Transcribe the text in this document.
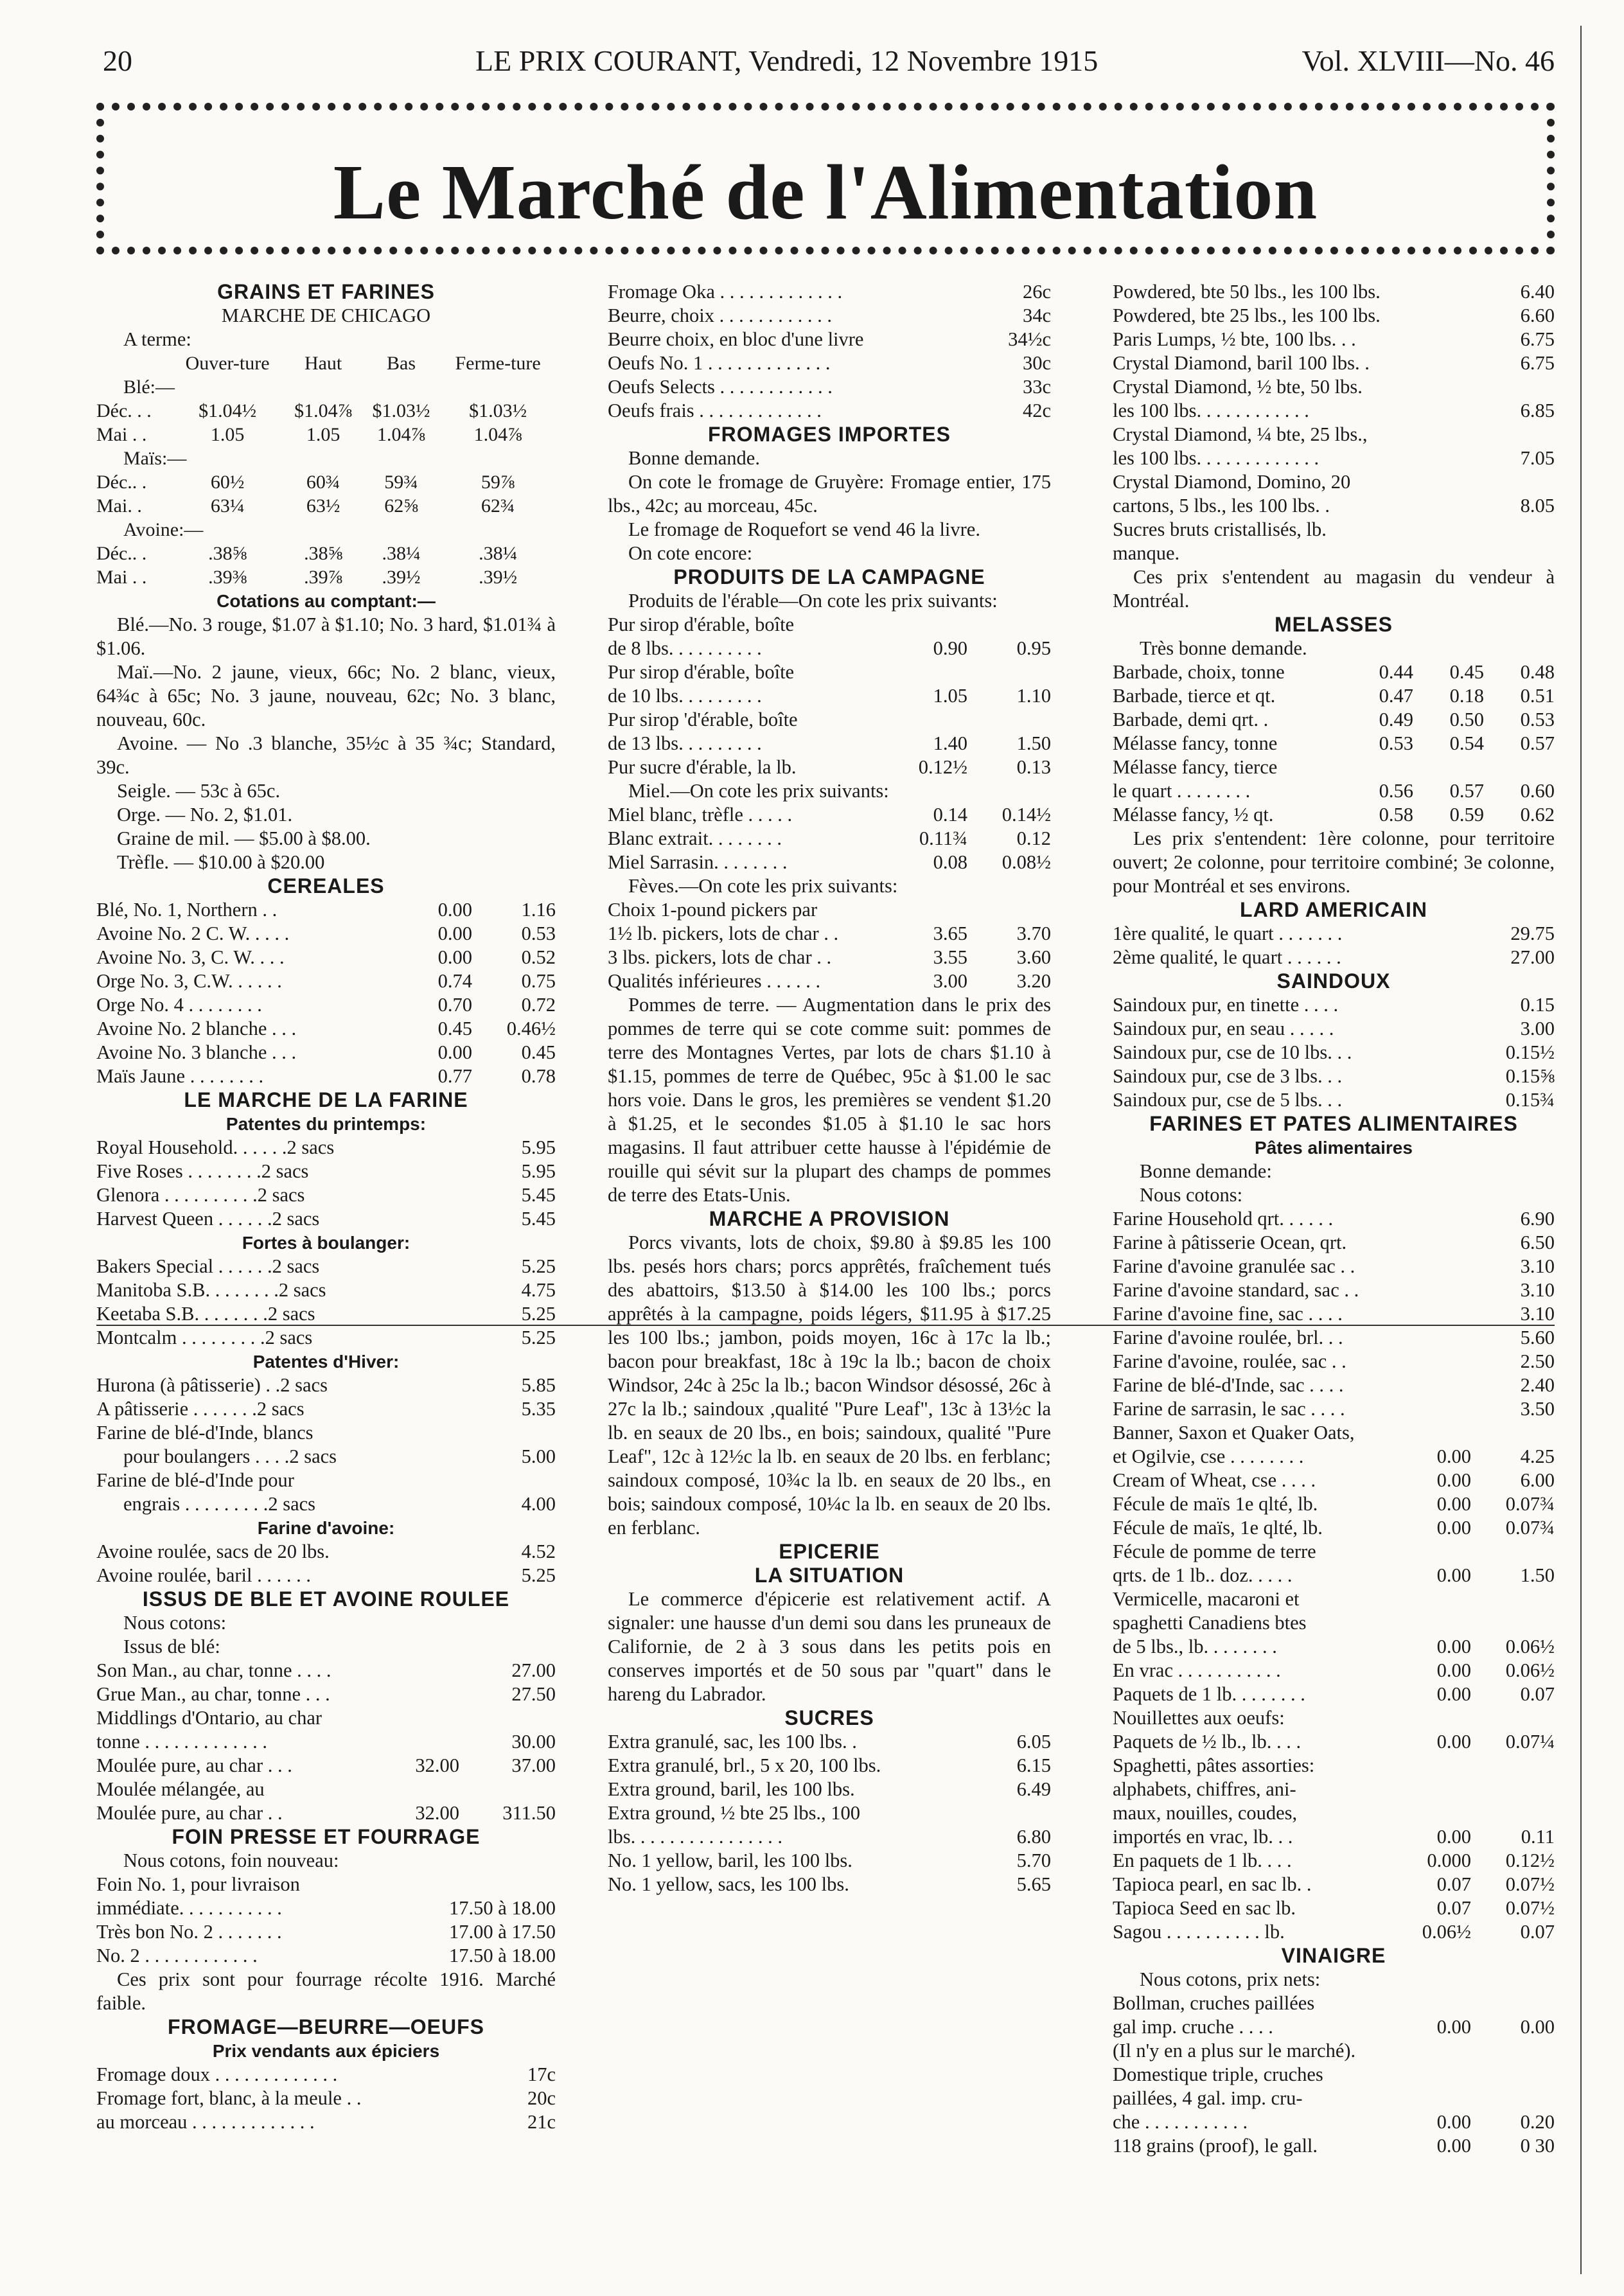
20	LE PRIX COURANT, Vendredi, 12 Novembre 1915	Vol. XLVIII—No. 46
Le Marché de l'Alimentation
GRAINS ET FARINES
MARCHE DE CHICAGO
A terme:
	Ouver-ture	Haut	Bas	Ferme-ture
Blé:—				
Déc. . .	$1.04½	$1.04⅞	$1.03½	$1.03½
Mai . .	1.05	1.05	1.04⅞	1.04⅞
Maïs:—				
Déc.. .	60½	60¾	59¾	59⅞
Mai. .	63¼	63½	62⅝	62¾
Avoine:—				
Déc.. .	.38⅝	.38⅝	.38¼	.38¼
Mai . .	.39⅜	.39⅞	.39½	.39½
Cotations au comptant:—

Blé.—No. 3 rouge, $1.07 à $1.10; No. 3 hard, $1.01¾ à $1.06.

Maï.—No. 2 jaune, vieux, 66c; No. 2 blanc, vieux, 64¾c à 65c; No. 3 jaune, nouveau, 62c; No. 3 blanc, nouveau, 60c.

Avoine. — No .3 blanche, 35½c à 35 ¾c; Standard, 39c.

Seigle. — 53c à 65c.

Orge. — No. 2, $1.01.

Graine de mil. — $5.00 à $8.00.

Trèfle. — $10.00 à $20.00

CEREALES
Blé, No. 1, Northern . .	0.00	1.16
Avoine No. 2 C. W. . . . .	0.00	0.53
Avoine No. 3, C. W. . . .	0.00	0.52
Orge No. 3, C.W. . . . . .	0.74	0.75
Orge No. 4 . . . . . . . .	0.70	0.72
Avoine No. 2 blanche . . .	0.45	0.46½
Avoine No. 3 blanche . . .	0.00	0.45
Maïs Jaune . . . . . . . .	0.77	0.78
LE MARCHE DE LA FARINE
Patentes du printemps:
Royal Household. . . . . .2 sacs	5.95
Five Roses . . . . . . . .2 sacs	5.95
Glenora . . . . . . . . . .2 sacs	5.45
Harvest Queen . . . . . .2 sacs	5.45
Fortes à boulanger:
Bakers Special . . . . . .2 sacs	5.25
Manitoba S.B. . . . . . . .2 sacs	4.75
Keetaba S.B. . . . . . . .2 sacs	5.25
Montcalm . . . . . . . . .2 sacs	5.25
Patentes d'Hiver:
Hurona (à pâtisserie) . .2 sacs	5.85
A pâtisserie . . . . . . .2 sacs	5.35
Farine de blé-d'Inde, blancs
pour boulangers . . . .2 sacs	5.00
Farine de blé-d'Inde pour
engrais . . . . . . . . .2 sacs	4.00
Farine d'avoine:
Avoine roulée, sacs de 20 lbs.	4.52
Avoine roulée, baril . . . . . .	5.25
ISSUS DE BLE ET AVOINE ROULEE
Nous cotons:
Issus de blé:
Son Man., au char, tonne . . . .	27.00
Grue Man., au char, tonne . . .	27.50
Middlings d'Ontario, au char
tonne . . . . . . . . . . . . .	30.00
Moulée pure, au char . . .	32.00	37.00
Moulée mélangée, au
Moulée pure, au char . .	32.00	311.50
FOIN PRESSE ET FOURRAGE
Nous cotons, foin nouveau:
Foin No. 1, pour livraison
immédiate. . . . . . . . . . .	17.50 à 18.00
Très bon No. 2 . . . . . . .	17.00 à 17.50
No. 2 . . . . . . . . . . . .	17.50 à 18.00

Ces prix sont pour fourrage récolte 1916. Marché faible.

FROMAGE—BEURRE—OEUFS
Prix vendants aux épiciers
Fromage doux . . . . . . . . . . . . .	17c
Fromage fort, blanc, à la meule . .	20c
au morceau . . . . . . . . . . . . .	21c
Fromage Oka . . . . . . . . . . . . .	26c
Beurre, choix . . . . . . . . . . . .	34c
Beurre choix, en bloc d'une livre	34½c
Oeufs No. 1 . . . . . . . . . . . . .	30c
Oeufs Selects . . . . . . . . . . . .	33c
Oeufs frais . . . . . . . . . . . . .	42c
FROMAGES IMPORTES

Bonne demande.

On cote le fromage de Gruyère: Fromage entier, 175 lbs., 42c; au morceau, 45c.

Le fromage de Roquefort se vend 46 la livre.

On cote encore:

PRODUITS DE LA CAMPAGNE

Produits de l'érable—On cote les prix suivants:

Pur sirop d'érable, boîte
de 8 lbs. . . . . . . . . .	0.90	0.95
Pur sirop d'érable, boîte
de 10 lbs. . . . . . . . .	1.05	1.10
Pur sirop 'd'érable, boîte
de 13 lbs. . . . . . . . .	1.40	1.50
Pur sucre d'érable, la lb.	0.12½	0.13

Miel.—On cote les prix suivants:

Miel blanc, trèfle . . . . .	0.14	0.14½
Blanc extrait. . . . . . . .	0.11¾	0.12
Miel Sarrasin. . . . . . . .	0.08	0.08½

Fèves.—On cote les prix suivants:

Choix 1-pound pickers par
1½ lb. pickers, lots de char . .	3.65	3.70
3 lbs. pickers, lots de char . .	3.55	3.60
Qualités inférieures . . . . . .	3.00	3.20

Pommes de terre. — Augmentation dans le prix des pommes de terre qui se cote comme suit: pommes de terre des Montagnes Vertes, par lots de chars $1.10 à $1.15, pommes de terre de Québec, 95c à $1.00 le sac hors voie. Dans le gros, les premières se vendent $1.20 à $1.25, et le secondes $1.05 à $1.10 le sac hors magasins. Il faut attribuer cette hausse à l'épidémie de rouille qui sévit sur la plupart des champs de pommes de terre des Etats-Unis.

MARCHE A PROVISION

Porcs vivants, lots de choix, $9.80 à $9.85 les 100 lbs. pesés hors chars; porcs apprêtés, fraîchement tués des abattoirs, $13.50 à $14.00 les 100 lbs.; porcs apprêtés à la campagne, poids légers, $11.95 à $17.25 les 100 lbs.; jambon, poids moyen, 16c à 17c la lb.; bacon pour breakfast, 18c à 19c la lb.; bacon de choix Windsor, 24c à 25c la lb.; bacon Windsor désossé, 26c à 27c la lb.; saindoux ,qualité "Pure Leaf", 13c à 13½c la lb. en seaux de 20 lbs., en bois; saindoux, qualité "Pure Leaf", 12c à 12½c la lb. en seaux de 20 lbs. en ferblanc; saindoux composé, 10¾c la lb. en seaux de 20 lbs., en bois; saindoux composé, 10¼c la lb. en seaux de 20 lbs. en ferblanc.

EPICERIE
LA SITUATION

Le commerce d'épicerie est relativement actif. A signaler: une hausse d'un demi sou dans les pruneaux de Californie, de 2 à 3 sous dans les petits pois en conserves importés et de 50 sous par "quart" dans le hareng du Labrador.

SUCRES
Extra granulé, sac, les 100 lbs. .	6.05
Extra granulé, brl., 5 x 20, 100 lbs.	6.15
Extra ground, baril, les 100 lbs.	6.49
Extra ground, ½ bte 25 lbs., 100
lbs. . . . . . . . . . . . . . . .	6.80
No. 1 yellow, baril, les 100 lbs.	5.70
No. 1 yellow, sacs, les 100 lbs.	5.65
Powdered, bte 50 lbs., les 100 lbs.	6.40
Powdered, bte 25 lbs., les 100 lbs.	6.60
Paris Lumps, ½ bte, 100 lbs. . .	6.75
Crystal Diamond, baril 100 lbs. .	6.75
Crystal Diamond, ½ bte, 50 lbs.
les 100 lbs. . . . . . . . . . . .	6.85
Crystal Diamond, ¼ bte, 25 lbs.,
les 100 lbs. . . . . . . . . . . . .	7.05
Crystal Diamond, Domino, 20
cartons, 5 lbs., les 100 lbs. .	8.05
Sucres bruts cristallisés, lb.
manque.

Ces prix s'entendent au magasin du vendeur à Montréal.

MELASSES
Très bonne demande.
Barbade, choix, tonne	0.44	0.45	0.48
Barbade, tierce et qt.	0.47	0.18	0.51
Barbade, demi qrt. .	0.49	0.50	0.53
Mélasse fancy, tonne	0.53	0.54	0.57
Mélasse fancy, tierce
le quart . . . . . . . .	0.56	0.57	0.60
Mélasse fancy, ½ qt.	0.58	0.59	0.62

Les prix s'entendent: 1ère colonne, pour territoire ouvert; 2e colonne, pour territoire combiné; 3e colonne, pour Montréal et ses environs.

LARD AMERICAIN
1ère qualité, le quart . . . . . . .	29.75
2ème qualité, le quart . . . . . .	27.00
SAINDOUX
Saindoux pur, en tinette . . . .	0.15
Saindoux pur, en seau . . . . .	3.00
Saindoux pur, cse de 10 lbs. . .	0.15½
Saindoux pur, cse de 3 lbs. . .	0.15⅝
Saindoux pur, cse de 5 lbs. . .	0.15¾
FARINES ET PATES ALIMENTAIRES
Pâtes alimentaires
Bonne demande:
Nous cotons:
Farine Household qrt. . . . . .	6.90
Farine à pâtisserie Ocean, qrt.	6.50
Farine d'avoine granulée sac . .	3.10
Farine d'avoine standard, sac . .	3.10
Farine d'avoine fine, sac . . . .	3.10
Farine d'avoine roulée, brl. . .	5.60
Farine d'avoine, roulée, sac . .	2.50
Farine de blé-d'Inde, sac . . . .	2.40
Farine de sarrasin, le sac . . . .	3.50
Banner, Saxon et Quaker Oats,
et Ogilvie, cse . . . . . . . .	0.00	4.25
Cream of Wheat, cse . . . .	0.00	6.00
Fécule de maïs 1e qlté, lb.	0.00	0.07¾
Fécule de maïs, 1e qlté, lb.	0.00	0.07¾
Fécule de pomme de terre
qrts. de 1 lb.. doz. . . . .	0.00	1.50
Vermicelle, macaroni et
spaghetti Canadiens btes
de 5 lbs., lb. . . . . . . .	0.00	0.06½
En vrac . . . . . . . . . . .	0.00	0.06½
Paquets de 1 lb. . . . . . . .	0.00	0.07
Nouillettes aux oeufs:
Paquets de ½ lb., lb. . . .	0.00	0.07¼
Spaghetti, pâtes assorties:
alphabets, chiffres, ani-
maux, nouilles, coudes,
importés en vrac, lb. . .	0.00	0.11
En paquets de 1 lb. . . .	0.000	0.12½
Tapioca pearl, en sac lb. .	0.07	0.07½
Tapioca Seed en sac lb.	0.07	0.07½
Sagou . . . . . . . . . . lb.	0.06½	0.07
VINAIGRE
Nous cotons, prix nets:
Bollman, cruches paillées
gal imp. cruche . . . .	0.00	0.00
(Il n'y en a plus sur le marché).
Domestique triple, cruches
paillées, 4 gal. imp. cru-
che . . . . . . . . . . .	0.00	0.20
118 grains (proof), le gall.	0.00	0 30
